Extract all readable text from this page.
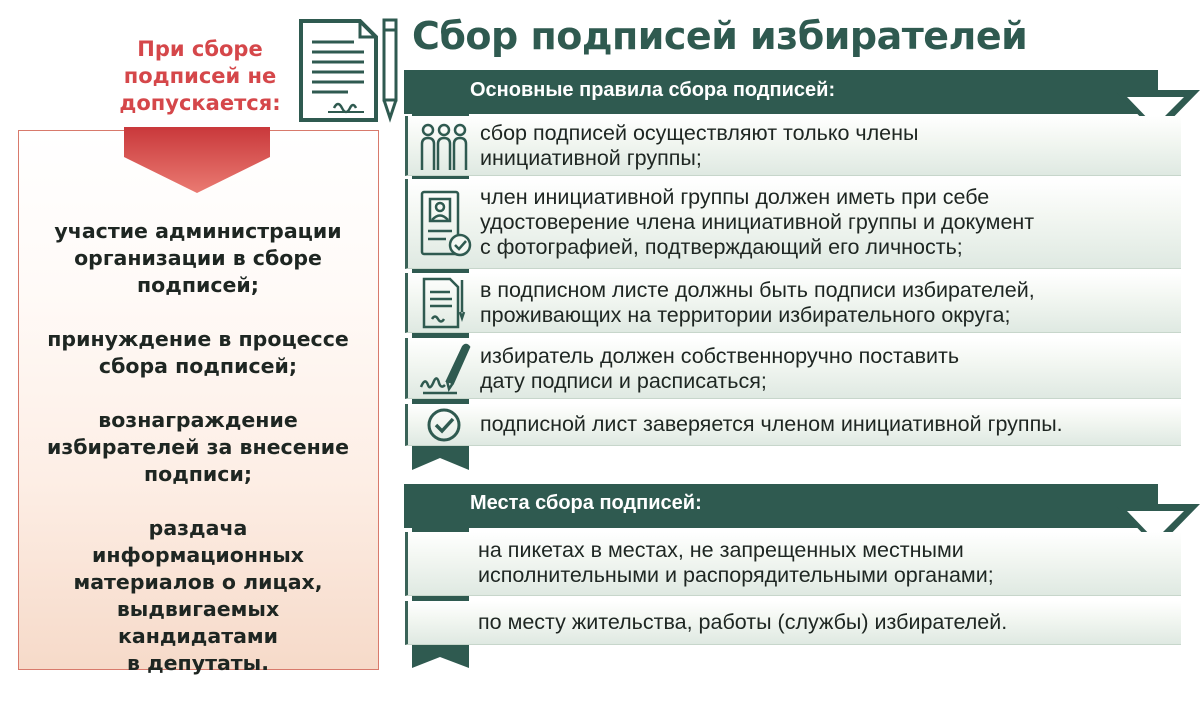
При сборе
подписей не
допускается:
участие администрации
организации в сборе
подписей;
принуждение в процессе
сбора подписей;
вознаграждение
избирателей за внесение
подписи;
раздача
информационных
материалов о лицах,
выдвигаемых
кандидатами
в депутаты.
Сбор подписей избирателей
Основные правила сбора подписей:
Места сбора подписей:
сбор подписей осуществляют только члены
инициативной группы;
член инициативной группы должен иметь при себе
удостоверение члена инициативной группы и документ
с фотографией, подтверждающий его личность;
в подписном листе должны быть подписи избирателей,
проживающих на территории избирательного округа;
избиратель должен собственноручно поставить
дату подписи и расписаться;
подписной лист заверяется членом инициативной группы.
на пикетах в местах, не запрещенных местными
исполнительными и распорядительными органами;
по месту жительства, работы (службы) избирателей.
